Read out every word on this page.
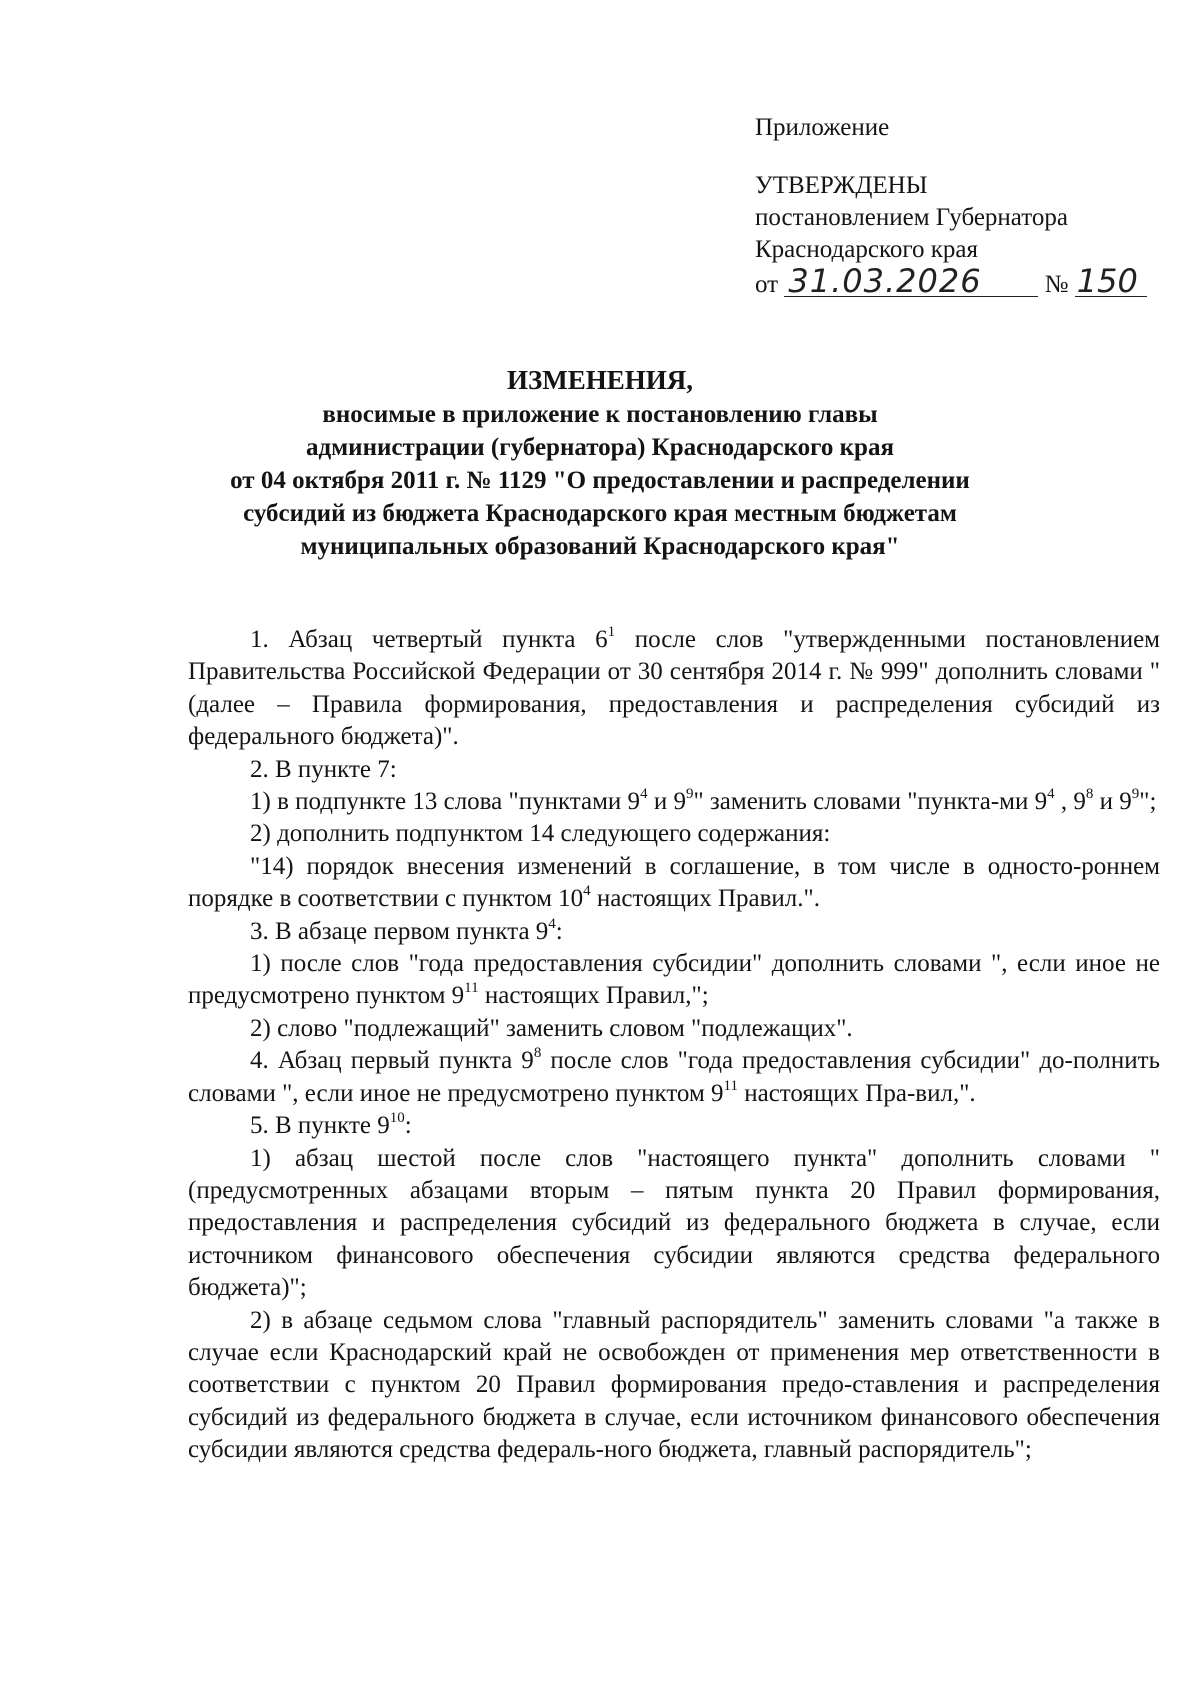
Приложение
УТВЕРЖДЕНЫ
постановлением Губернатора
Краснодарского края
от 31.03.2026	№ 150
ИЗМЕНЕНИЯ,
вносимые в приложение к постановлению главы
администрации (губернатора) Краснодарского края
от 04 октября 2011 г. № 1129 "О предоставлении и распределении
субсидий из бюджета Краснодарского края местным бюджетам
муниципальных образований Краснодарского края"

1. Абзац четвертый пункта $6^1$ после слов "утвержденными постановлением Правительства Российской Федерации от 30 сентября 2014 г. № 999" дополнить словами "(далее – Правила формирования, предоставления и распределения субсидий из федерального бюджета)".

2. В пункте 7:

1) в подпункте 13 слова "пунктами $9^4$ и $9^9$" заменить словами "пункта-ми $9^4$ , $9^8$ и $9^9$";

2) дополнить подпунктом 14 следующего содержания:

"14) порядок внесения изменений в соглашение, в том числе в односто-роннем порядке в соответствии с пунктом $10^4$ настоящих Правил.".

3. В абзаце первом пункта $9^4$:

1) после слов "года предоставления субсидии" дополнить словами ", если иное не предусмотрено пунктом $9^{11}$ настоящих Правил,";

2) слово "подлежащий" заменить словом "подлежащих".

4. Абзац первый пункта $9^8$ после слов "года предоставления субсидии" до-полнить словами ", если иное не предусмотрено пунктом $9^{11}$ настоящих Пра-вил,".

5. В пункте $9^{10}$:

1) абзац шестой после слов "настоящего пункта" дополнить словами "(предусмотренных абзацами вторым – пятым пункта 20 Правил формирования, предоставления и распределения субсидий из федерального бюджета в случае, если источником финансового обеспечения субсидии являются средства федерального бюджета)";

2) в абзаце седьмом слова "главный распорядитель" заменить словами "а также в случае если Краснодарский край не освобожден от применения мер ответственности в соответствии с пунктом 20 Правил формирования предо-ставления и распределения субсидий из федерального бюджета в случае, если источником финансового обеспечения субсидии являются средства федераль-ного бюджета, главный распорядитель";
